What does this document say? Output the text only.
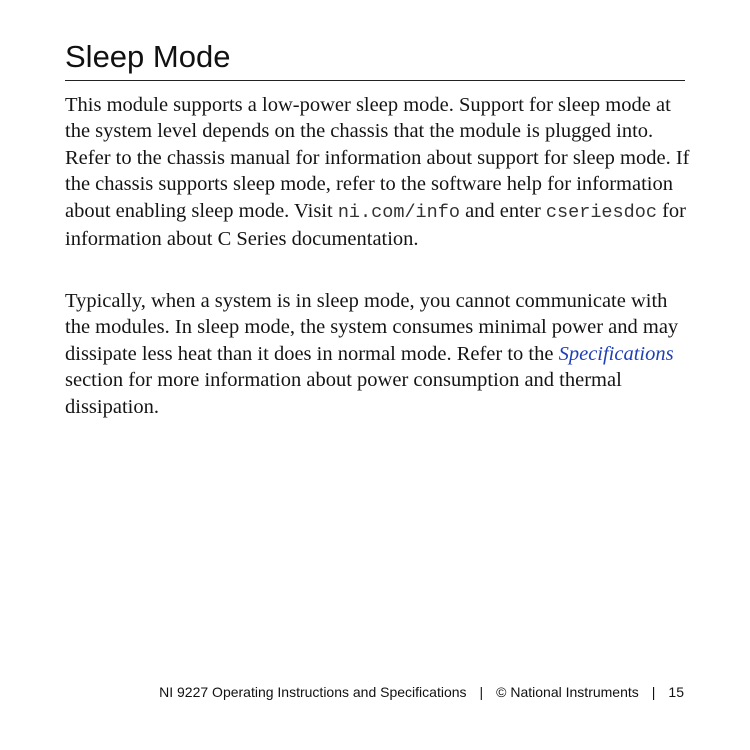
Sleep Mode

This module supports a low-power sleep mode. Support for sleep mode at the system level depends on the chassis that the module is plugged into. Refer to the chassis manual for information about support for sleep mode. If the chassis supports sleep mode, refer to the software help for information about enabling sleep mode. Visit ni.com/info and enter cseriesdoc for information about C Series documentation.

Typically, when a system is in sleep mode, you cannot communicate with the modules. In sleep mode, the system consumes minimal power and may dissipate less heat than it does in normal mode. Refer to the Specifications section for more information about power consumption and thermal dissipation.

NI 9227 Operating Instructions and Specifications | © National Instruments | 15
